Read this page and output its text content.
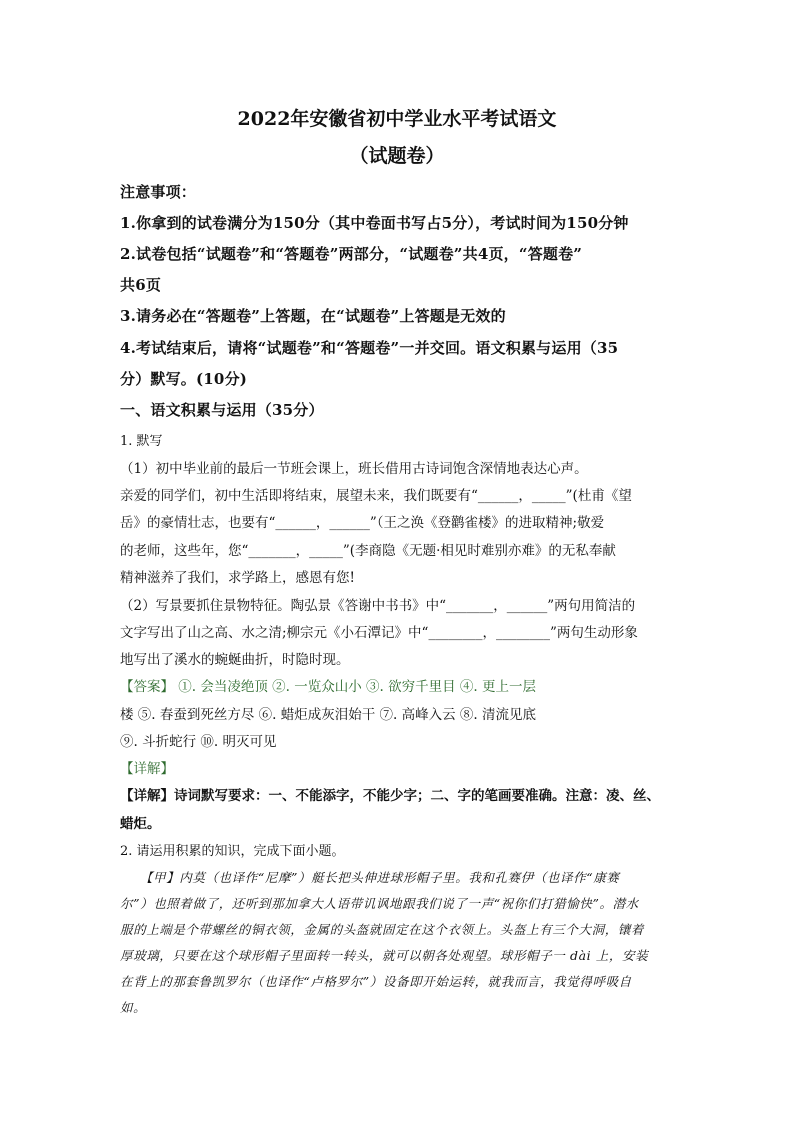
2022年安徽省初中学业水平考试语文
（试题卷）
注意事项：
1.你拿到的试卷满分为150分（其中卷面书写占5分），考试时间为150分钟
2.试卷包括“试题卷”和“答题卷”两部分，“试题卷”共4页，“答题卷”
共6页
3.请务必在“答题卷”上答题，在“试题卷”上答题是无效的
4.考试结束后，请将“试题卷”和“答题卷”一并交回。语文积累与运用（35
分）默写。(10分)
一、语文积累与运用（35分）
1. 默写
（1）初中毕业前的最后一节班会课上，班长借用古诗词饱含深情地表达心声。
亲爱的同学们，初中生活即将结束，展望未来，我们既要有“______，_____”(杜甫《望
岳》的豪情壮志，也要有“______，______”（王之涣《登鹳雀楼》的进取精神;敬爱
的老师，这些年，您“_______，_____”(李商隐《无题·相见时难别亦难》的无私奉献
精神滋养了我们，求学路上，感恩有您!
（2）写景要抓住景物特征。陶弘景《答谢中书书》中“_______，______”两句用简洁的
文字写出了山之高、水之清;柳宗元《小石潭记》中“________，________”两句生动形象
地写出了溪水的蜿蜒曲折，时隐时现。
【答案】 ①. 会当凌绝顶 ②. 一览众山小 ③. 欲穷千里目 ④. 更上一层
楼 ⑤. 春蚕到死丝方尽 ⑥. 蜡炬成灰泪始干 ⑦. 高峰入云 ⑧. 清流见底
⑨. 斗折蛇行 ⑩. 明灭可见
【详解】
【详解】诗词默写要求：一、不能添字，不能少字；二、字的笔画要准确。注意：凌、丝、
蜡炬。
2. 请运用积累的知识，完成下面小题。
　　【甲】内莫（也译作“尼摩”）艇长把头伸进球形帽子里。我和孔赛伊（也译作“康赛
尔”）也照着做了，还听到那加拿大人语带讥讽地跟我们说了一声“祝你们打猎愉快”。潜水
服的上端是个带螺丝的铜衣领，金属的头盔就固定在这个衣领上。头盔上有三个大洞，镶着
厚玻璃，只要在这个球形帽子里面转一转头，就可以朝各处观望。球形帽子一 dài 上，安装
在背上的那套鲁凯罗尔（也译作“卢格罗尔”）设备即开始运转，就我而言，我觉得呼吸自
如。
